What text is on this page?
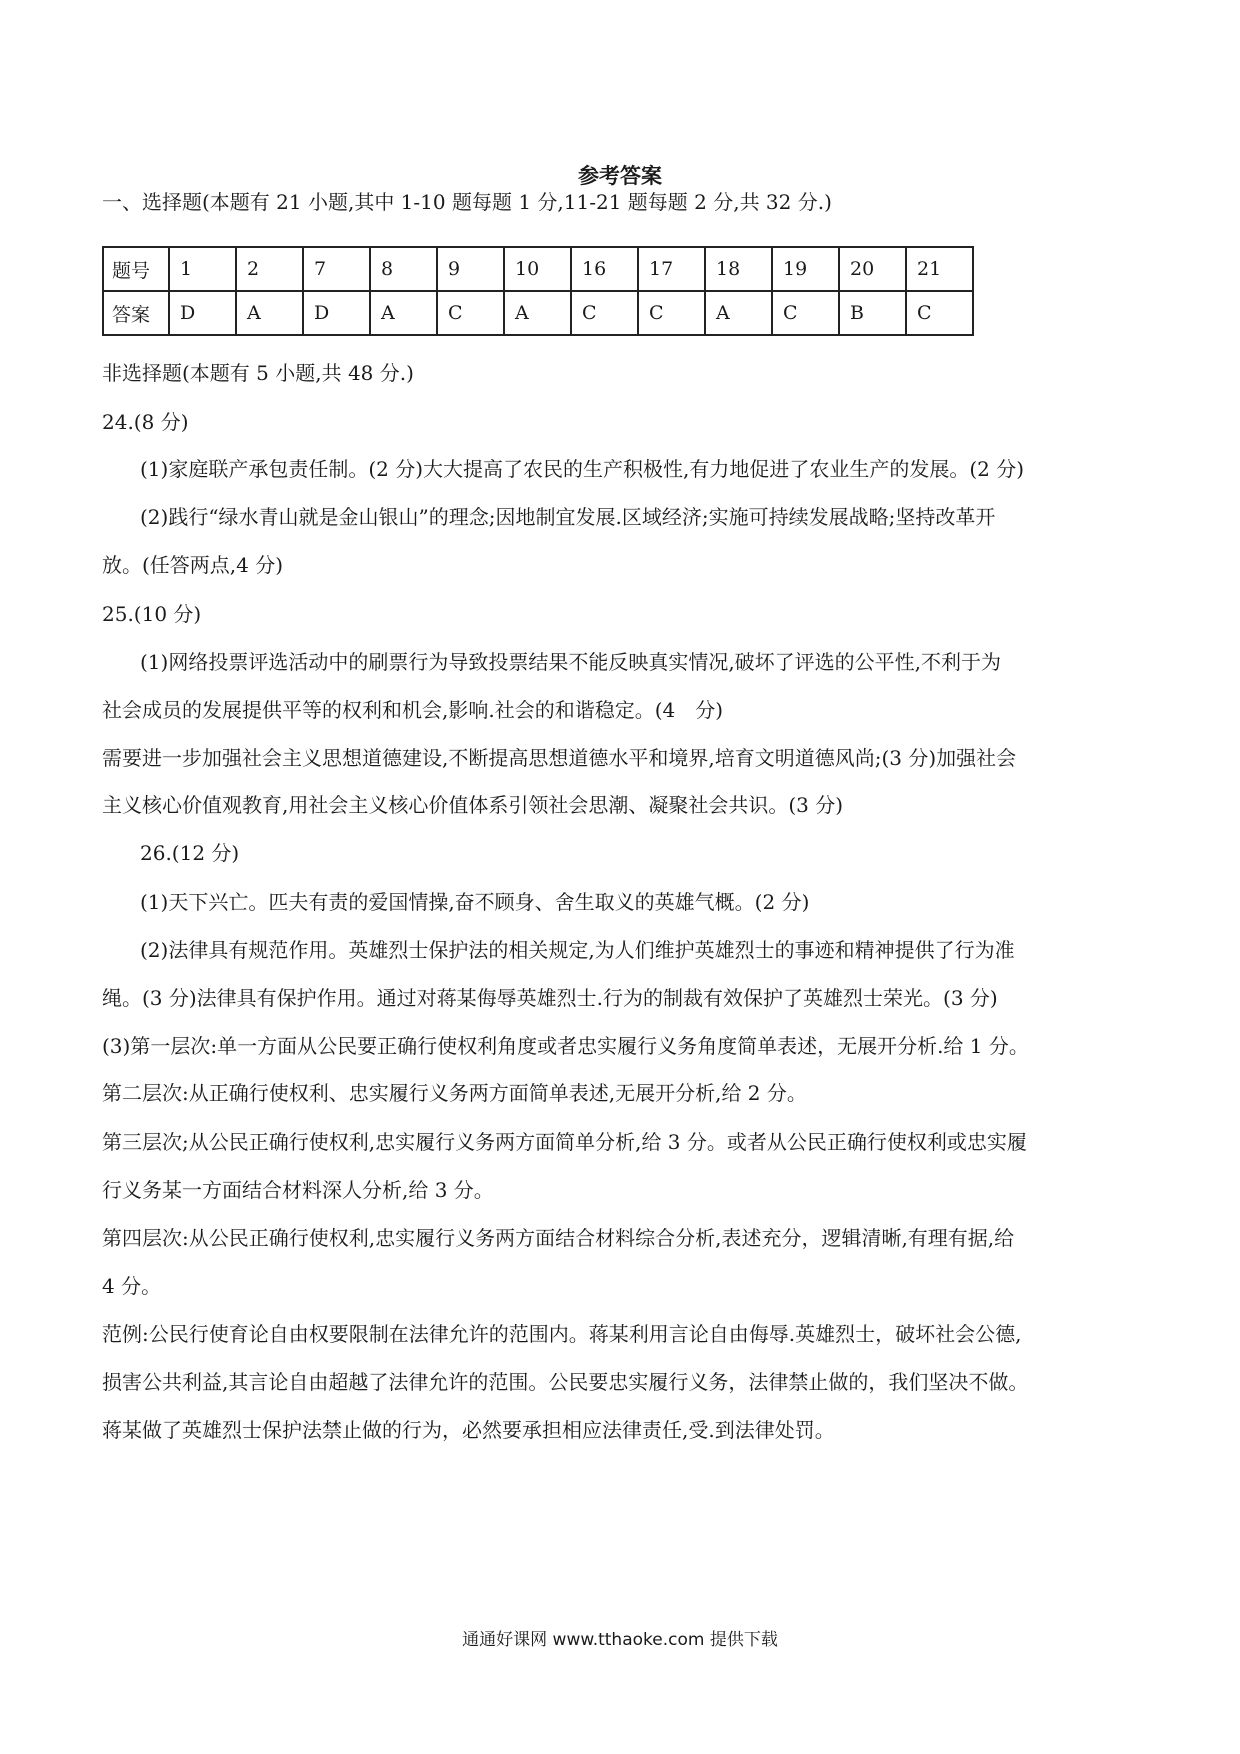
参考答案
一、选择题(本题有 21 小题,其中 1-10 题每题 1 分,11-21 题每题 2 分,共 32 分.)
题号	1	2	7	8	9	10	16	17	18	19	20	21
答案	D	A	D	A	C	A	C	C	A	C	B	C
非选择题(本题有 5 小题,共 48 分.)
24.(8 分)
(1)家庭联产承包责任制。(2 分)大大提高了农民的生产积极性,有力地促进了农业生产的发展。(2 分)
(2)践行“绿水青山就是金山银山”的理念;因地制宜发展.区域经济;实施可持续发展战略;坚持改革开
放。(任答两点,4 分)
25.(10 分)
(1)网络投票评选活动中的刷票行为导致投票结果不能反映真实情况,破坏了评选的公平性,不利于为
社会成员的发展提供平等的权利和机会,影响.社会的和谐稳定。(4　分)
需要进一步加强社会主义思想道德建设,不断提高思想道德水平和境界,培育文明道德风尚;(3 分)加强社会
主义核心价值观教育,用社会主义核心价值体系引领社会思潮、凝聚社会共识。(3 分)
26.(12 分)
(1)天下兴亡。匹夫有责的爱国情操,奋不顾身、舍生取义的英雄气概。(2 分)
(2)法律具有规范作用。英雄烈士保护法的相关规定,为人们维护英雄烈士的事迹和精神提供了行为准
绳。(3 分)法律具有保护作用。通过对蒋某侮辱英雄烈士.行为的制裁有效保护了英雄烈士荣光。(3 分)
(3)第一层次:单一方面从公民要正确行使权利角度或者忠实履行义务角度简单表述，无展开分析.给 1 分。
第二层次:从正确行使权利、忠实履行义务两方面简单表述,无展开分析,给 2 分。
第三层次;从公民正确行使权利,忠实履行义务两方面简单分析,给 3 分。或者从公民正确行使权利或忠实履
行义务某一方面结合材料深人分析,给 3 分。
第四层次:从公民正确行使权利,忠实履行义务两方面结合材料综合分析,表述充分，逻辑清晰,有理有据,给
4 分。
范例:公民行使育论自由权要限制在法律允许的范围内。蒋某利用言论自由侮辱.英雄烈士，破坏社会公德,
损害公共利益,其言论自由超越了法律允许的范围。公民要忠实履行义务，法律禁止做的，我们坚决不做。
蒋某做了英雄烈士保护法禁止做的行为，必然要承担相应法律责任,受.到法律处罚。
通通好课网 www.tthaoke.com 提供下载
